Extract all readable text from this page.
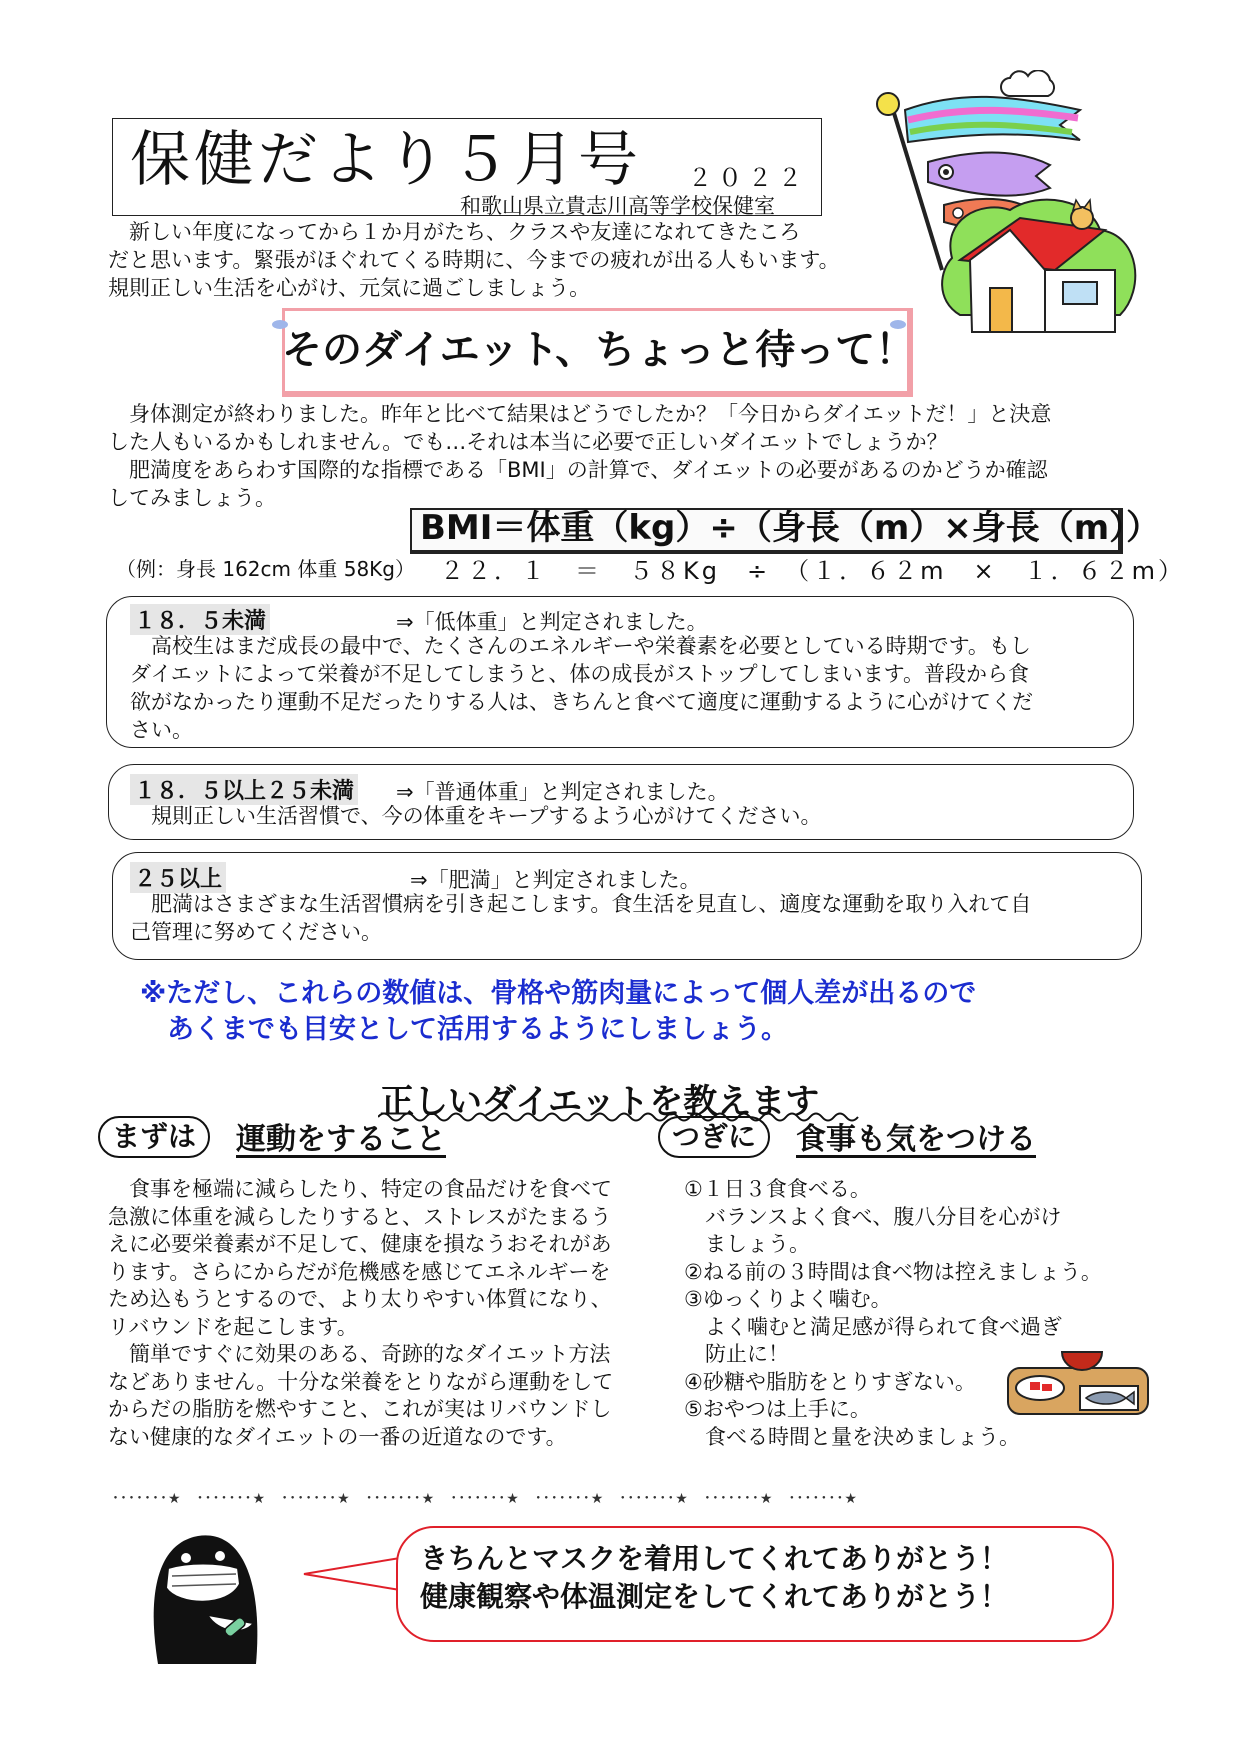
保健だより５月号 ２０２２
和歌山県立貴志川高等学校保健室

　新しい年度になってから１か月がたち、クラスや友達になれてきたころ

だと思います。緊張がほぐれてくる時期に、今までの疲れが出る人もいます。

規則正しい生活を心がけ、元気に過ごしましょう。

そのダイエット、ちょっと待って！

　身体測定が終わりました。昨年と比べて結果はどうでしたか？「今日からダイエットだ！」と決意

した人もいるかもしれません。でも…それは本当に必要で正しいダイエットでしょうか？

　肥満度をあらわす国際的な指標である「BMI」の計算で、ダイエットの必要があるのかどうか確認

してみましょう。

BMI＝体重（kg）÷（身長（m）×身長（m））
（例：身長 162cm 体重 58Kg） ２２．１　＝　５８Kg　÷　（１．６２m　×　１．６２m）
１８．５未満	⇒「低体重」と判定されました。

　高校生はまだ成長の最中で、たくさんのエネルギーや栄養素を必要としている時期です。もし

ダイエットによって栄養が不足してしまうと、体の成長がストップしてしまいます。普段から食

欲がなかったり運動不足だったりする人は、きちんと食べて適度に運動するように心がけてくだ

さい。

１８．５以上２５未満 ⇒「普通体重」と判定されました。

　規則正しい生活習慣で、今の体重をキープするよう心がけてください。

２５以上	⇒「肥満」と判定されました。

　肥満はさまざまな生活習慣病を引き起こします。食生活を見直し、適度な運動を取り入れて自

己管理に努めてください。

※ただし、これらの数値は、骨格や筋肉量によって個人差が出るので
　あくまでも目安として活用するようにしましょう。
正しいダイエットを教えます
まずは	運動をすること

　食事を極端に減らしたり、特定の食品だけを食べて

急激に体重を減らしたりすると、ストレスがたまるう

えに必要栄養素が不足して、健康を損なうおそれがあ

ります。さらにからだが危機感を感じてエネルギーを

ため込もうとするので、より太りやすい体質になり、

リバウンドを起こします。

　簡単ですぐに効果のある、奇跡的なダイエット方法

などありません。十分な栄養をとりながら運動をして

からだの脂肪を燃やすこと、これが実はリバウンドし

ない健康的なダイエットの一番の近道なのです。

つぎに	食事も気をつける

①１日３食食べる。

　バランスよく食べ、腹八分目を心がけ

　ましょう。

②ねる前の３時間は食べ物は控えましょう。

③ゆっくりよく噛む。

　よく噛むと満足感が得られて食べ過ぎ

　防止に！

④砂糖や脂肪をとりすぎない。

⑤おやつは上手に。

　食べる時間と量を決めましょう。

･･･････★　･･･････★　･･･････★　･･･････★　･･･････★　･･･････★　･･･････★　･･･････★　･･･････★
きちんとマスクを着用してくれてありがとう！
健康観察や体温測定をしてくれてありがとう！
